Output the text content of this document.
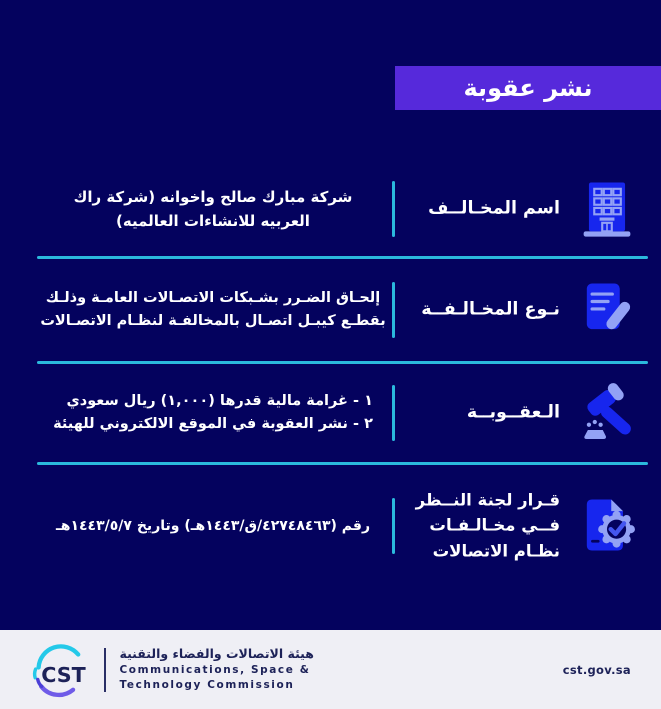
نشر عقوبة
اسم المخـالــف
شركة مبارك صالح واخوانه (شركة راك
العربيه للانشاءات العالميه)
نـوع المخـالـفــة
إلحـاق الضـرر بشـبكات الاتصـالات العامـة وذلـك
بقطـع كيبـل اتصـال بالمخالفـة لنظـام الاتصـالات
الـعقــوبــة
١ - غرامة مالية قدرها (١,٠٠٠) ريال سعودي
٢ - نشر العقوبة في الموقع الالكتروني للهيئة
قـرار لجنة النــظر
فــي مخـالـفـات
نظـام الاتصالات
رقم (٤٢٧٤٨٤٦٣/ق/١٤٤٣هـ) وتاريخ ١٤٤٣/٥/٧هـ
CST
هيئة الاتصالات والفضاء والتقنية
Communications, Space &
Technology Commission
cst.gov.sa
